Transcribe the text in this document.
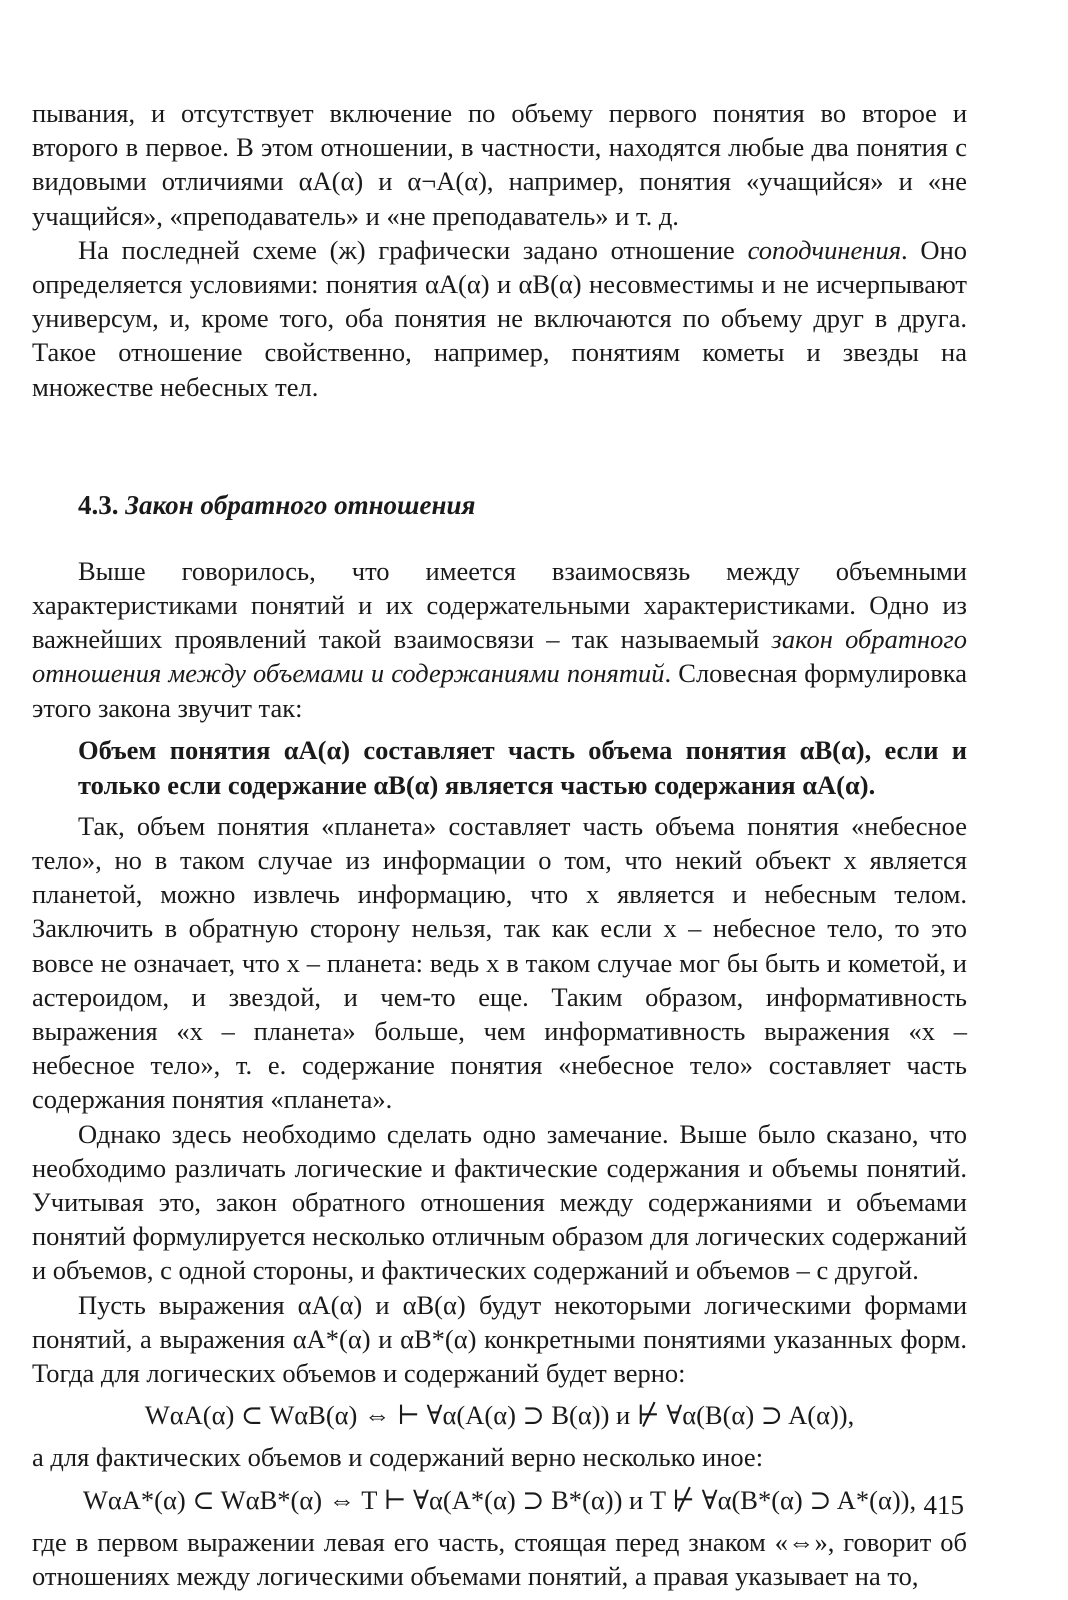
пывания, и отсутствует включение по объему первого понятия во второе и второго в первое. В этом отношении, в частности, находятся любые два понятия с видовыми отличиями αA(α) и α¬A(α), например, понятия «учащийся» и «не учащийся», «преподаватель» и «не преподаватель» и т. д.

На последней схеме (ж) графически задано отношение соподчинения. Оно определяется условиями: понятия αA(α) и αB(α) несовместимы и не исчерпывают универсум, и, кроме того, оба понятия не включаются по объему друг в друга. Такое отношение свойственно, например, понятиям кометы и звезды на множестве небесных тел.

4.3. Закон обратного отношения

Выше говорилось, что имеется взаимосвязь между объемными характеристиками понятий и их содержательными характеристиками. Одно из важнейших проявлений такой взаимосвязи – так называемый закон обратного отношения между объемами и содержаниями понятий. Словесная формулировка этого закона звучит так:

Объем понятия αA(α) составляет часть объема понятия αB(α), если и только если содержание αB(α) является частью содержания αA(α).

Так, объем понятия «планета» составляет часть объема понятия «небесное тело», но в таком случае из информации о том, что некий объект x является планетой, можно извлечь информацию, что x является и небесным телом. Заключить в обратную сторону нельзя, так как если x – небесное тело, то это вовсе не означает, что x – планета: ведь x в таком случае мог бы быть и кометой, и астероидом, и звездой, и чем-то еще. Таким образом, информативность выражения «x – планета» больше, чем информативность выражения «x – небесное тело», т. е. содержание понятия «небесное тело» составляет часть содержания понятия «планета».

Однако здесь необходимо сделать одно замечание. Выше было сказано, что необходимо различать логические и фактические содержания и объемы понятий. Учитывая это, закон обратного отношения между содержаниями и объемами понятий формулируется несколько отличным образом для логических содержаний и объемов, с одной стороны, и фактических содержаний и объемов – с другой.

Пусть выражения αA(α) и αB(α) будут некоторыми логическими формами понятий, а выражения αA*(α) и αB*(α) конкретными понятиями указанных форм. Тогда для логических объемов и содержаний будет верно:

WαA(α) ⊂ WαB(α) ⇔ ⊢ ∀α(A(α) ⊃ B(α)) и ⊬ ∀α(B(α) ⊃ A(α)),

а для фактических объемов и содержаний верно несколько иное:

WαA*(α) ⊂ WαB*(α) ⇔ T ⊢ ∀α(A*(α) ⊃ B*(α)) и T ⊬ ∀α(B*(α) ⊃ A*(α)),

где в первом выражении левая его часть, стоящая перед знаком «⇔», говорит об отношениях между логическими объемами понятий, а правая указывает на то,

415
